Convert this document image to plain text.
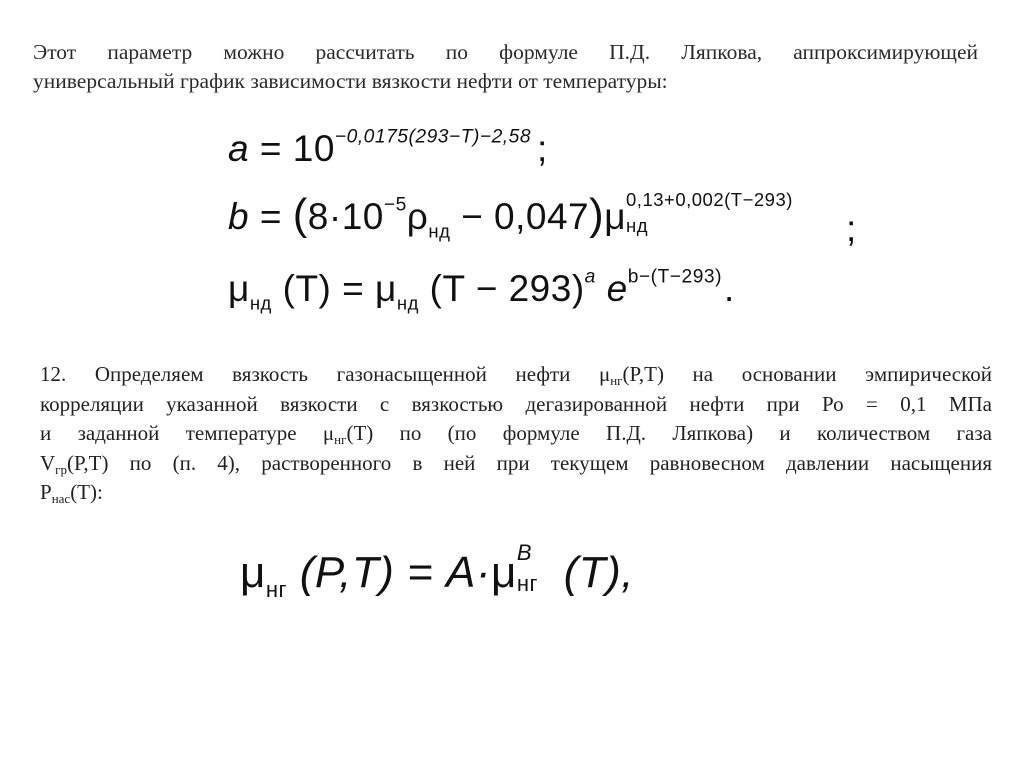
Этот параметр можно рассчитать по формуле П.Д. Ляпкова, аппроксимирующей
универсальный график зависимости вязкости нефти от температуры:
$a = 10^{-0,0175(293-T)-2,58}$ ;
$b = (8\cdot 10^{-5}\rho_{нд} - 0,047)\mu$ 0,13+0,002(T−293)
нд	;
$\mu_{нд}$ $(T) = \mu_{нд}$ $(T - 293)^a$ $e^{b-(T-293)}$.
12. Определяем вязкость газонасыщенной нефти $\mu_{нг}(P,T)$ на основании эмпирической
корреляции указанной вязкости с вязкостью дегазированной нефти при Ро = 0,1 МПа
и заданной температуре $\mu_{нг}(T)$ по (по формуле П.Д. Ляпкова) и количеством газа
$V_{гр}(P,T)$ по (п. 4), растворенного в ней при текущем равновесном давлении насыщения
$P_{нас}(T)$:
$\mu_{нг}$ (P,T) = A·μ B
нг (T),
